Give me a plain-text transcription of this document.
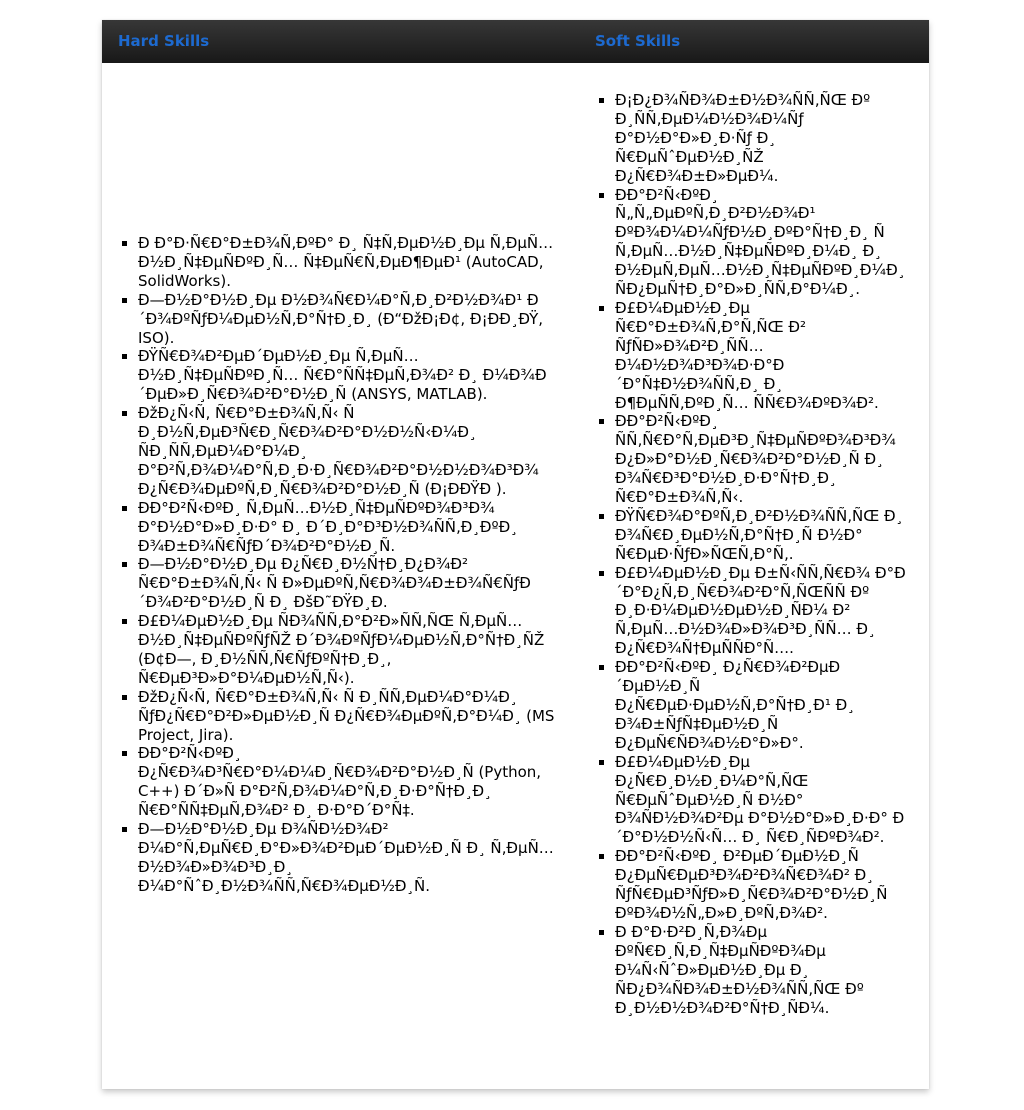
Hard Skills	Soft Skills
▪ Ð Ð°Ð·Ñ€Ð°Ð±Ð¾Ñ‚ÐºÐ° Ð¸ Ñ‡Ñ‚ÐµÐ½Ð¸Ðµ Ñ‚ÐµÑ…Ð½Ð¸Ñ‡ÐµÑÐºÐ¸Ñ… Ñ‡ÐµÑ€Ñ‚ÐµÐ¶ÐµÐ¹ (AutoCAD, SolidWorks).
▪ Ð—Ð½Ð°Ð½Ð¸Ðµ Ð½Ð¾Ñ€Ð¼Ð°Ñ‚Ð¸Ð²Ð½Ð¾Ð¹ Ð´Ð¾ÐºÑƒÐ¼ÐµÐ½Ñ‚Ð°Ñ†Ð¸Ð¸ (Ð“ÐžÐ¡Ð¢, Ð¡ÐÐ¸ÐŸ, ISO).
▪ ÐŸÑ€Ð¾Ð²ÐµÐ´ÐµÐ½Ð¸Ðµ Ñ‚ÐµÑ… Ð½Ð¸Ñ‡ÐµÑÐºÐ¸Ñ… Ñ€Ð°ÑÑ‡ÐµÑ‚Ð¾Ð² Ð¸ Ð¼Ð¾Ð´ÐµÐ»Ð¸Ñ€Ð¾Ð²Ð°Ð½Ð¸Ñ (ANSYS, MATLAB).
▪ ÐžÐ¿Ñ‹Ñ‚ Ñ€Ð°Ð±Ð¾Ñ‚Ñ‹ Ñ Ð¸Ð½Ñ‚ÐµÐ³Ñ€Ð¸Ñ€Ð¾Ð²Ð°Ð½Ð½Ñ‹Ð¼Ð¸ ÑÐ¸ÑÑ‚ÐµÐ¼Ð°Ð¼Ð¸ Ð°Ð²Ñ‚Ð¾Ð¼Ð°Ñ‚Ð¸Ð·Ð¸Ñ€Ð¾Ð²Ð°Ð½Ð½Ð¾Ð³Ð¾ Ð¿Ñ€Ð¾ÐµÐºÑ‚Ð¸Ñ€Ð¾Ð²Ð°Ð½Ð¸Ñ (Ð¡ÐÐŸÐ ).
▪ ÐÐ°Ð²Ñ‹ÐºÐ¸ Ñ‚ÐµÑ…Ð½Ð¸Ñ‡ÐµÑÐºÐ¾Ð³Ð¾ Ð°Ð½Ð°Ð»Ð¸Ð·Ð° Ð¸ Ð´Ð¸Ð°Ð³Ð½Ð¾ÑÑ‚Ð¸ÐºÐ¸ Ð¾Ð±Ð¾Ñ€ÑƒÐ´Ð¾Ð²Ð°Ð½Ð¸Ñ.
▪ Ð—Ð½Ð°Ð½Ð¸Ðµ Ð¿Ñ€Ð¸Ð½Ñ†Ð¸Ð¿Ð¾Ð² Ñ€Ð°Ð±Ð¾Ñ‚Ñ‹ Ñ Ð»ÐµÐºÑ‚Ñ€Ð¾Ð¾Ð±Ð¾Ñ€ÑƒÐ´Ð¾Ð²Ð°Ð½Ð¸Ñ Ð¸ ÐšÐ˜ÐŸÐ¸Ð.
▪ Ð£Ð¼ÐµÐ½Ð¸Ðµ ÑÐ¾ÑÑ‚Ð°Ð²Ð»ÑÑ‚ÑŒ Ñ‚ÐµÑ…Ð½Ð¸Ñ‡ÐµÑÐºÑƒÑŽ Ð´Ð¾ÐºÑƒÐ¼ÐµÐ½Ñ‚Ð°Ñ†Ð¸ÑŽ (Ð¢Ð—, Ð¸Ð½ÑÑ‚Ñ€ÑƒÐºÑ†Ð¸Ð¸, Ñ€ÐµÐ³Ð»Ð°Ð¼ÐµÐ½Ñ‚Ñ‹).
▪ ÐžÐ¿Ñ‹Ñ‚ Ñ€Ð°Ð±Ð¾Ñ‚Ñ‹ Ñ Ð¸ÑÑ‚ÐµÐ¼Ð°Ð¼Ð¸ ÑƒÐ¿Ñ€Ð°Ð²Ð»ÐµÐ½Ð¸Ñ Ð¿Ñ€Ð¾ÐµÐºÑ‚Ð°Ð¼Ð¸ (MS Project, Jira).
▪ ÐÐ°Ð²Ñ‹ÐºÐ¸ Ð¿Ñ€Ð¾Ð³Ñ€Ð°Ð¼Ð¼Ð¸Ñ€Ð¾Ð²Ð°Ð½Ð¸Ñ (Python, C++) Ð´Ð»Ñ Ð°Ð²Ñ‚Ð¾Ð¼Ð°Ñ‚Ð¸Ð·Ð°Ñ†Ð¸Ð¸ Ñ€Ð°ÑÑ‡ÐµÑ‚Ð¾Ð² Ð¸ Ð·Ð°Ð´Ð°Ñ‡.
▪ Ð—Ð½Ð°Ð½Ð¸Ðµ Ð¾ÑÐ½Ð¾Ð² Ð¼Ð°Ñ‚ÐµÑ€Ð¸Ð°Ð»Ð¾Ð²ÐµÐ´ÐµÐ½Ð¸Ñ Ð¸ Ñ‚ÐµÑ…Ð½Ð¾Ð»Ð¾Ð³Ð¸Ð¸ Ð¼Ð°ÑˆÐ¸Ð½Ð¾ÑÑ‚Ñ€Ð¾ÐµÐ½Ð¸Ñ.
▪ Ð¡Ð¿Ð¾ÑÐ¾Ð±Ð½Ð¾ÑÑ‚ÑŒ Ðº Ð¸ÑÑ‚ÐµÐ¼Ð½Ð¾Ð¼Ñƒ Ð°Ð½Ð°Ð»Ð¸Ð·Ñƒ Ð¸ Ñ€ÐµÑˆÐµÐ½Ð¸ÑŽ Ð¿Ñ€Ð¾Ð±Ð»ÐµÐ¼.
▪ ÐÐ°Ð²Ñ‹ÐºÐ¸ Ñ„Ñ„ÐµÐºÑ‚Ð¸Ð²Ð½Ð¾Ð¹ ÐºÐ¾Ð¼Ð¼ÑƒÐ½Ð¸ÐºÐ°Ñ†Ð¸Ð¸ Ñ Ñ‚ÐµÑ…Ð½Ð¸Ñ‡ÐµÑÐºÐ¸Ð¼Ð¸ Ð¸ Ð½ÐµÑ‚ÐµÑ…Ð½Ð¸Ñ‡ÐµÑÐºÐ¸Ð¼Ð¸ ÑÐ¿ÐµÑ†Ð¸Ð°Ð»Ð¸ÑÑ‚Ð°Ð¼Ð¸.
▪ Ð£Ð¼ÐµÐ½Ð¸Ðµ Ñ€Ð°Ð±Ð¾Ñ‚Ð°Ñ‚ÑŒ Ð² ÑƒÑÐ»Ð¾Ð²Ð¸ÑÑ… Ð¼Ð½Ð¾Ð³Ð¾Ð·Ð°Ð´Ð°Ñ‡Ð½Ð¾ÑÑ‚Ð¸ Ð¸ Ð¶ÐµÑÑ‚ÐºÐ¸Ñ… ÑÑ€Ð¾ÐºÐ¾Ð².
▪ ÐÐ°Ð²Ñ‹ÐºÐ¸ ÑÑ‚Ñ€Ð°Ñ‚ÐµÐ³Ð¸Ñ‡ÐµÑÐºÐ¾Ð³Ð¾ Ð¿Ð»Ð°Ð½Ð¸Ñ€Ð¾Ð²Ð°Ð½Ð¸Ñ Ð¸ Ð¾Ñ€Ð³Ð°Ð½Ð¸Ð·Ð°Ñ†Ð¸Ð¸ Ñ€Ð°Ð±Ð¾Ñ‚Ñ‹.
▪ ÐŸÑ€Ð¾Ð°ÐºÑ‚Ð¸Ð²Ð½Ð¾ÑÑ‚ÑŒ Ð¸ Ð¾Ñ€Ð¸ÐµÐ½Ñ‚Ð°Ñ†Ð¸Ñ Ð½Ð° Ñ€ÐµÐ·ÑƒÐ»ÑŒÑ‚Ð°Ñ‚.
▪ Ð£Ð¼ÐµÐ½Ð¸Ðµ Ð±Ñ‹ÑÑ‚Ñ€Ð¾ Ð°Ð´Ð°Ð¿Ñ‚Ð¸Ñ€Ð¾Ð²Ð°Ñ‚ÑŒÑÑ Ðº Ð¸Ð·Ð¼ÐµÐ½ÐµÐ½Ð¸ÑÐ¼ Ð² Ñ‚ÐµÑ…Ð½Ð¾Ð»Ð¾Ð³Ð¸ÑÑ… Ð¸ Ð¿Ñ€Ð¾Ñ†ÐµÑÑÐ°Ñ….
▪ ÐÐ°Ð²Ñ‹ÐºÐ¸ Ð¿Ñ€Ð¾Ð²ÐµÐ´ÐµÐ½Ð¸Ñ Ð¿Ñ€ÐµÐ·ÐµÐ½Ñ‚Ð°Ñ†Ð¸Ð¹ Ð¸ Ð¾Ð±ÑƒÑ‡ÐµÐ½Ð¸Ñ Ð¿ÐµÑ€ÑÐ¾Ð½Ð°Ð»Ð°.
▪ Ð£Ð¼ÐµÐ½Ð¸Ðµ Ð¿Ñ€Ð¸Ð½Ð¸Ð¼Ð°Ñ‚ÑŒ Ñ€ÐµÑˆÐµÐ½Ð¸Ñ Ð½Ð° Ð¾ÑÐ½Ð¾Ð²Ðµ Ð°Ð½Ð°Ð»Ð¸Ð·Ð° Ð´Ð°Ð½Ð½Ñ‹Ñ… Ð¸ Ñ€Ð¸ÑÐºÐ¾Ð².
▪ ÐÐ°Ð²Ñ‹ÐºÐ¸ Ð²ÐµÐ´ÐµÐ½Ð¸Ñ Ð¿ÐµÑ€ÐµÐ³Ð¾Ð²Ð¾Ñ€Ð¾Ð² Ð¸ ÑƒÑ€ÐµÐ³ÑƒÐ»Ð¸Ñ€Ð¾Ð²Ð°Ð½Ð¸Ñ ÐºÐ¾Ð½Ñ„Ð»Ð¸ÐºÑ‚Ð¾Ð².
▪ Ð Ð°Ð·Ð²Ð¸Ñ‚Ð¾Ðµ ÐºÑ€Ð¸Ñ‚Ð¸Ñ‡ÐµÑÐºÐ¾Ðµ Ð¼Ñ‹ÑˆÐ»ÐµÐ½Ð¸Ðµ Ð¸ ÑÐ¿Ð¾ÑÐ¾Ð±Ð½Ð¾ÑÑ‚ÑŒ Ðº Ð¸Ð½Ð½Ð¾Ð²Ð°Ñ†Ð¸ÑÐ¼.
